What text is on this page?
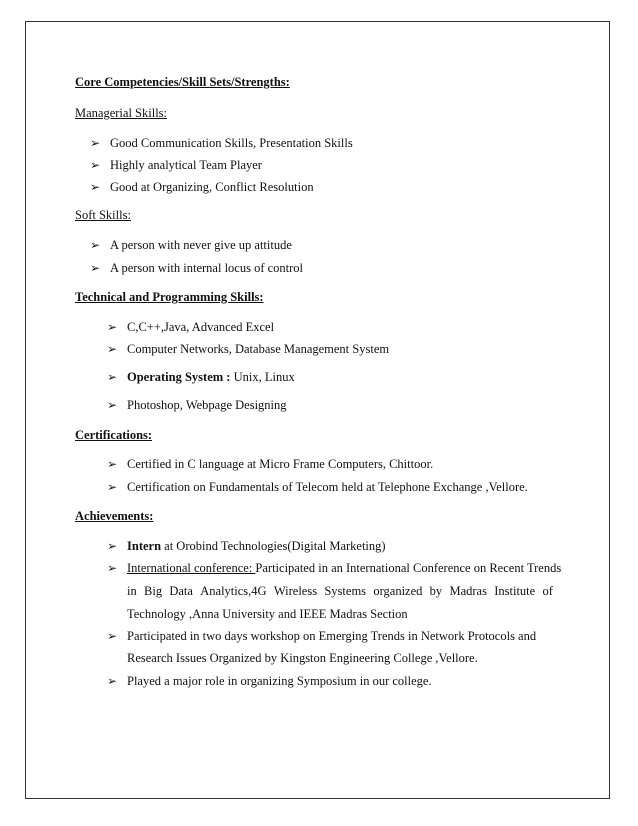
Core Competencies/Skill Sets/Strengths:
Managerial Skills:
➢ Good Communication Skills, Presentation Skills
➢ Highly analytical Team Player
➢ Good at Organizing, Conflict Resolution
Soft Skills:
➢ A person with never give up attitude
➢ A person with internal locus of control
Technical and Programming Skills:
➢ C,C++,Java, Advanced Excel
➢ Computer Networks, Database Management System
➢ Operating System : Unix, Linux
➢ Photoshop, Webpage Designing
Certifications:
➢ Certified in C language at Micro Frame Computers, Chittoor.
➢ Certification on Fundamentals of Telecom held at Telephone Exchange ,Vellore.
Achievements:
➢ Intern at Orobind Technologies(Digital Marketing)
➢ International conference: Participated in an International Conference on Recent Trends
in Big Data Analytics,4G Wireless Systems organized by Madras Institute of
Technology ,Anna University and IEEE Madras Section
➢ Participated in two days workshop on Emerging Trends in Network Protocols and
Research Issues Organized by Kingston Engineering College ,Vellore.
➢ Played a major role in organizing Symposium in our college.
